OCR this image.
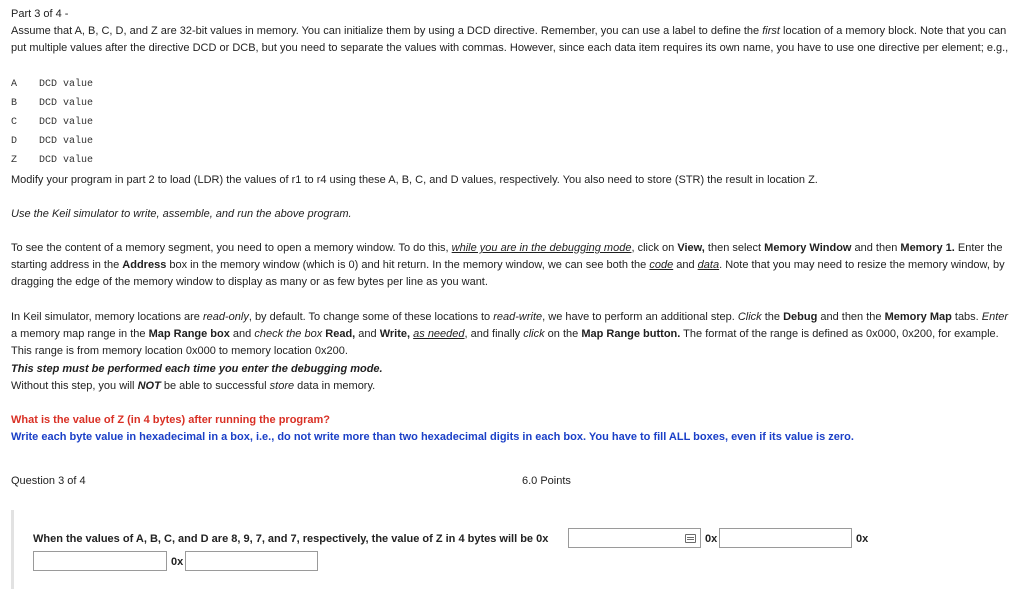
Part 3 of 4 -

Assume that A, B, C, D, and Z are 32-bit values in memory. You can initialize them by using a DCD directive. Remember, you can use a label to define the first location of a memory block. Note that you can put multiple values after the directive DCD or DCB, but you need to separate the values with commas. However, since each data item requires its own name, you have to use one directive per element; e.g.,

A DCD value
B DCD value
C DCD value
D DCD value
Z DCD value

Modify your program in part 2 to load (LDR) the values of r1 to r4 using these A, B, C, and D values, respectively. You also need to store (STR) the result in location Z.

Use the Keil simulator to write, assemble, and run the above program.

To see the content of a memory segment, you need to open a memory window. To do this, while you are in the debugging mode, click on View, then select Memory Window and then Memory 1. Enter the starting address in the Address box in the memory window (which is 0) and hit return. In the memory window, we can see both the code and data. Note that you may need to resize the memory window, by dragging the edge of the memory window to display as many or as few bytes per line as you want.

In Keil simulator, memory locations are read-only, by default. To change some of these locations to read-write, we have to perform an additional step. Click the Debug and then the Memory Map tabs. Enter a memory map range in the Map Range box and check the box Read, and Write, as needed, and finally click on the Map Range button. The format of the range is defined as 0x000, 0x200, for example. This range is from memory location 0x000 to memory location 0x200.

This step must be performed each time you enter the debugging mode.

Without this step, you will NOT be able to successful store data in memory.

What is the value of Z (in 4 bytes) after running the program?

Write each byte value in hexadecimal in a box, i.e., do not write more than two hexadecimal digits in each box. You have to fill ALL boxes, even if its value is zero.

Question 3 of 4	6.0 Points

When the values of A, B, C, and D are 8, 9, 7, and 7, respectively, the value of Z in 4 bytes will be 0x	0x	0x
0x
